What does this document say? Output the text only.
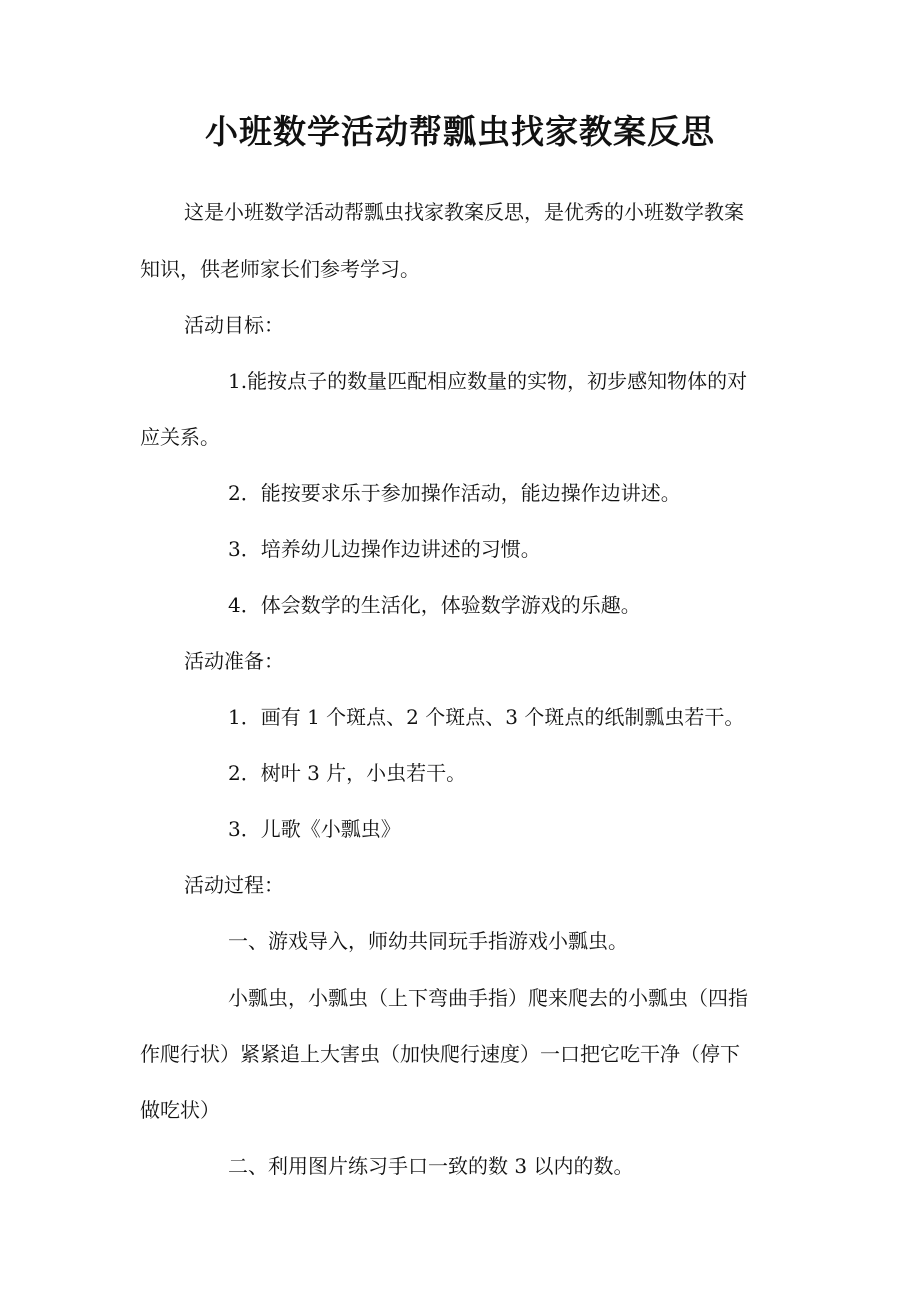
小班数学活动帮瓢虫找家教案反思
这是小班数学活动帮瓢虫找家教案反思，是优秀的小班数学教案
知识，供老师家长们参考学习。
活动目标：
1.能按点子的数量匹配相应数量的实物，初步感知物体的对
应关系。
2．能按要求乐于参加操作活动，能边操作边讲述。
3．培养幼儿边操作边讲述的习惯。
4．体会数学的生活化，体验数学游戏的乐趣。
活动准备：
1．画有 1 个斑点、2 个斑点、3 个斑点的纸制瓢虫若干。
2．树叶 3 片，小虫若干。
3．儿歌《小瓢虫》
活动过程：
一、游戏导入，师幼共同玩手指游戏小瓢虫。
小瓢虫，小瓢虫（上下弯曲手指）爬来爬去的小瓢虫（四指
作爬行状）紧紧追上大害虫（加快爬行速度）一口把它吃干净（停下
做吃状）
二、利用图片练习手口一致的数 3 以内的数。
